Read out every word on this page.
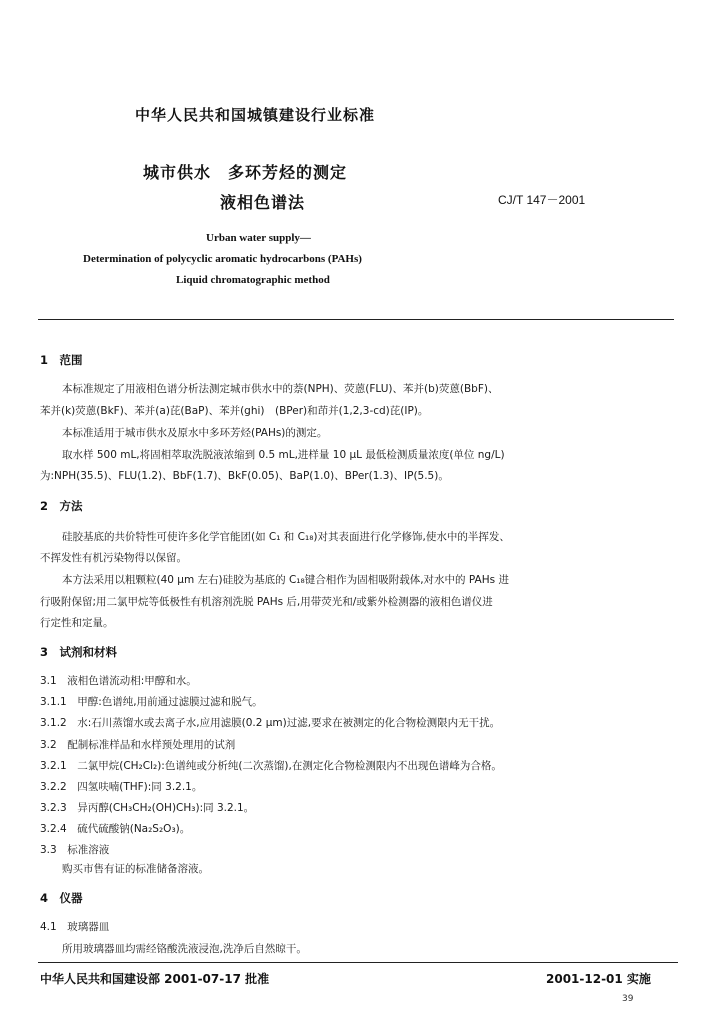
中华人民共和国城镇建设行业标准
城市供水　多环芳烃的测定
液相色谱法	CJ/T 147－2001
Urban water supply—
Determination of polycyclic aromatic hydrocarbons (PAHs)
Liquid chromatographic method
1　范围
本标准规定了用液相色谱分析法测定城市供水中的萘(NPH)、荧蒽(FLU)、苯并(b)荧蒽(BbF)、
苯并(k)荧蒽(BkF)、苯并(a)芘(BaP)、苯并(ghi)　(BPer)和茚并(1,2,3-cd)芘(IP)。
本标准适用于城市供水及原水中多环芳烃(PAHs)的测定。
取水样 500 mL,将固相萃取洗脱液浓缩到 0.5 mL,进样量 10 μL 最低检测质量浓度(单位 ng/L)
为:NPH(35.5)、FLU(1.2)、BbF(1.7)、BkF(0.05)、BaP(1.0)、BPer(1.3)、IP(5.5)。
2　方法
硅胶基底的共价特性可使许多化学官能团(如 C₁ 和 C₁₈)对其表面进行化学修饰,使水中的半挥发、
不挥发性有机污染物得以保留。
本方法采用以粗颗粒(40 μm 左右)硅胶为基底的 C₁₈键合相作为固相吸附载体,对水中的 PAHs 进
行吸附保留;用二氯甲烷等低极性有机溶剂洗脱 PAHs 后,用带荧光和/或紫外检测器的液相色谱仪进
行定性和定量。
3　试剂和材料
3.1　液相色谱流动相:甲醇和水。
3.1.1　甲醇:色谱纯,用前通过滤膜过滤和脱气。
3.1.2　水:石川蒸馏水或去离子水,应用滤膜(0.2 μm)过滤,要求在被测定的化合物检测限内无干扰。
3.2　配制标准样品和水样预处理用的试剂
3.2.1　二氯甲烷(CH₂Cl₂):色谱纯或分析纯(二次蒸馏),在测定化合物检测限内不出现色谱峰为合格。
3.2.2　四氢呋喃(THF):同 3.2.1。
3.2.3　异丙醇(CH₃CH₂(OH)CH₃):同 3.2.1。
3.2.4　硫代硫酸钠(Na₂S₂O₃)。
3.3　标准溶液
购买市售有证的标准储备溶液。
4　仪器
4.1　玻璃器皿
所用玻璃器皿均需经铬酸洗液浸泡,洗净后自然晾干。
中华人民共和国建设部 2001-07-17 批准	2001-12-01 实施
39
